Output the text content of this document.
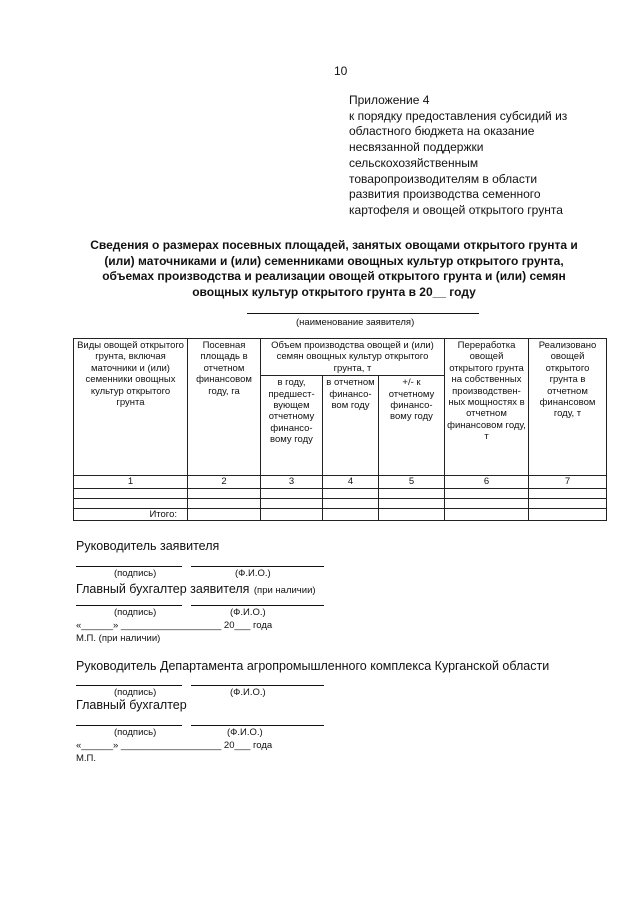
10
Приложение 4
к порядку предоставления субсидий из
областного бюджета на оказание
несвязанной поддержки
сельскохозяйственным
товаропроизводителям в области
развития производства семенного
картофеля и овощей открытого грунта
Сведения о размерах посевных площадей, занятых овощами открытого грунта и
(или) маточниками и (или) семенниками овощных культур открытого грунта,
объемах производства и реализации овощей открытого грунта и (или) семян
овощных культур открытого грунта в 20__ году
(наименование заявителя)
Виды овощей открытого грунта, включая маточники и (или) семенники овощных культур открытого грунта	Посевная площадь в отчетном финансовом году, га	Объем производства овощей и (или) семян овощных культур открытого грунта, т			Переработка овощей открытого грунта на собственных производствен-ных мощностях в отчетном финансовом году, т	Реализовано овощей открытого грунта в отчетном финансовом году, т
		в году, предшест-вующем отчетному финансо-вому году	в отчетном финансо-вом году	+/- к отчетному финансо-вому году		
1	2	3	4	5	6	7

Итого:						
Руководитель заявителя
(подпись)	(Ф.И.О.)
Главный бухгалтер заявителя (при наличии)
(подпись)	(Ф.И.О.)
«______» ___________________ 20___ года
М.П. (при наличии)
Руководитель Департамента агропромышленного комплекса Курганской области
(подпись)	(Ф.И.О.)
Главный бухгалтер
(подпись)	(Ф.И.О.)
«______» ___________________ 20___ года
М.П.
